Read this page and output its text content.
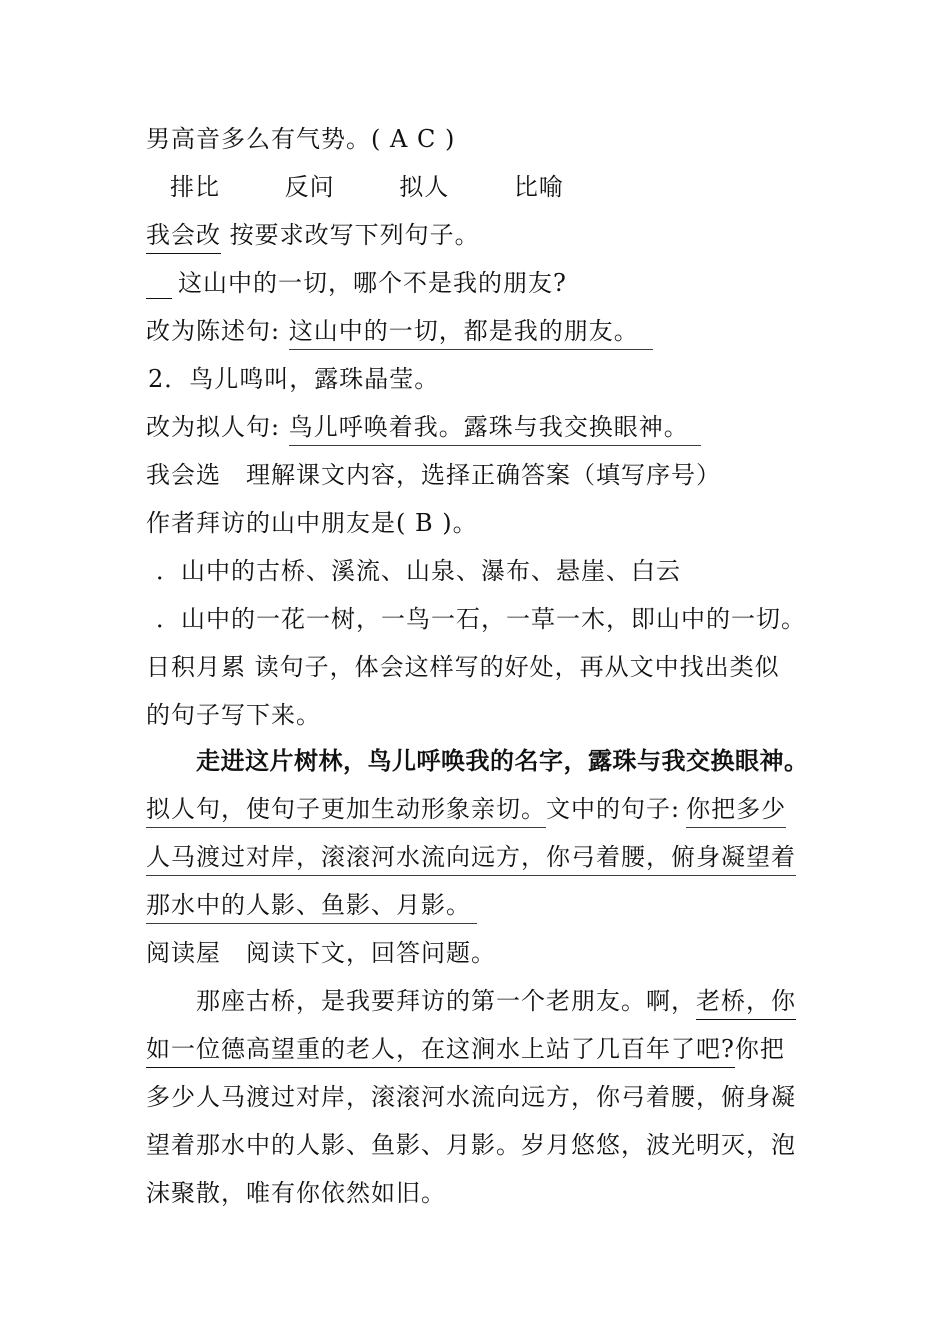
男高音多么有气势。( A C )
排比	反问	拟人	比喻
我会改 按要求改写下列句子。
这山中的一切，哪个不是我的朋友?
改为陈述句: 这山中的一切，都是我的朋友。
2．鸟儿鸣叫，露珠晶莹。
改为拟人句: 鸟儿呼唤着我。露珠与我交换眼神。
我会选　理解课文内容，选择正确答案（填写序号）
作者拜访的山中朋友是( B )。
．山中的古桥、溪流、山泉、瀑布、悬崖、白云
．山中的一花一树，一鸟一石，一草一木，即山中的一切。
日积月累 读句子，体会这样写的好处，再从文中找出类似
的句子写下来。
走进这片树林，鸟儿呼唤我的名字，露珠与我交换眼神。
拟人句，使句子更加生动形象亲切。文中的句子: 你把多少
人马渡过对岸，滚滚河水流向远方，你弓着腰，俯身凝望着
那水中的人影、鱼影、月影。
阅读屋　阅读下文，回答问题。
那座古桥，是我要拜访的第一个老朋友。啊，老桥，你
如一位德高望重的老人，在这涧水上站了几百年了吧?你把
多少人马渡过对岸，滚滚河水流向远方，你弓着腰，俯身凝
望着那水中的人影、鱼影、月影。岁月悠悠，波光明灭，泡
沫聚散，唯有你依然如旧。
